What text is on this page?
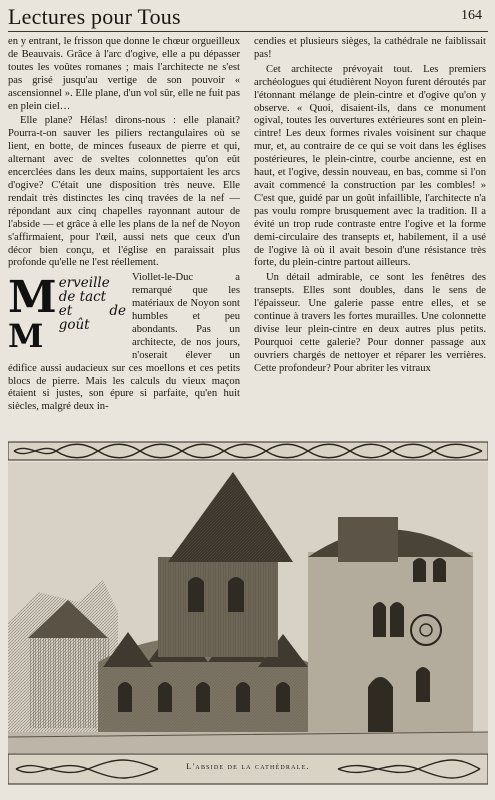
Lectures pour Tous	164

en y entrant, le frisson que donne le chœur orgueilleux de Beauvais. Grâce à l'arc d'ogive, elle a pu dépasser toutes les voûtes romanes ; mais l'architecte ne s'est pas grisé jusqu'au vertige de son pouvoir « ascensionnel ». Elle plane, d'un vol sûr, elle ne fuit pas en plein ciel…

Elle plane? Hélas! dirons-nous : elle planait? Pourra-t-on sauver les piliers rectangulaires où se lient, en botte, de minces fuseaux de pierre et qui, alternant avec de sveltes colonnettes qu'on eût encerclées dans les deux mains, supportaient les arcs d'ogive? C'était une disposition très neuve. Elle rendait très distinctes les cinq travées de la nef — répondant aux cinq chapelles rayonnant autour de l'abside — et grâce à elle les plans de la nef de Noyon s'affirmaient, pour l'œil, aussi nets que ceux d'un décor bien conçu, et l'église en paraissait plus profonde qu'elle ne l'est réellement.

Merveille
de tact

M
et de goût

Viollet-le-Duc a remarqué que les matériaux de Noyon sont humbles et peu abondants. Pas un architecte, de nos jours, n'oserait élever un édifice aussi audacieux sur ces moellons et ces petits blocs de pierre. Mais les calculs du vieux maçon étaient si justes, son épure si parfaite, qu'en huit siècles, malgré deux in-

cendies et plusieurs sièges, la cathédrale ne faiblissait pas!

Cet architecte prévoyait tout. Les premiers archéologues qui étudièrent Noyon furent déroutés par l'étonnant mélange de plein-cintre et d'ogive qu'on y observe. « Quoi, disaient-ils, dans ce monument ogival, toutes les ouvertures extérieures sont en plein-cintre! Les deux formes rivales voisinent sur chaque mur, et, au contraire de ce qui se voit dans les églises postérieures, le plein-cintre, courbe ancienne, est en haut, et l'ogive, dessin nouveau, en bas, comme si l'on avait commencé la construction par les combles! » C'est que, guidé par un goût infaillible, l'architecte n'a pas voulu rompre brusquement avec la tradition. Il a évité un trop rude contraste entre l'ogive et la forme demi-circulaire des transepts et, habilement, il a usé de l'ogive là où il avait besoin d'une résistance très forte, du plein-cintre partout ailleurs.

Un détail admirable, ce sont les fenêtres des transepts. Elles sont doubles, dans le sens de l'épaisseur. Une galerie passe entre elles, et se continue à travers les fortes murailles. Une colonnette divise leur plein-cintre en deux autres plus petits. Pourquoi cette galerie? Pour donner passage aux ouvriers chargés de nettoyer et réparer les verrières. Cette profondeur? Pour abriter les vitraux

L'abside de la cathédrale.
